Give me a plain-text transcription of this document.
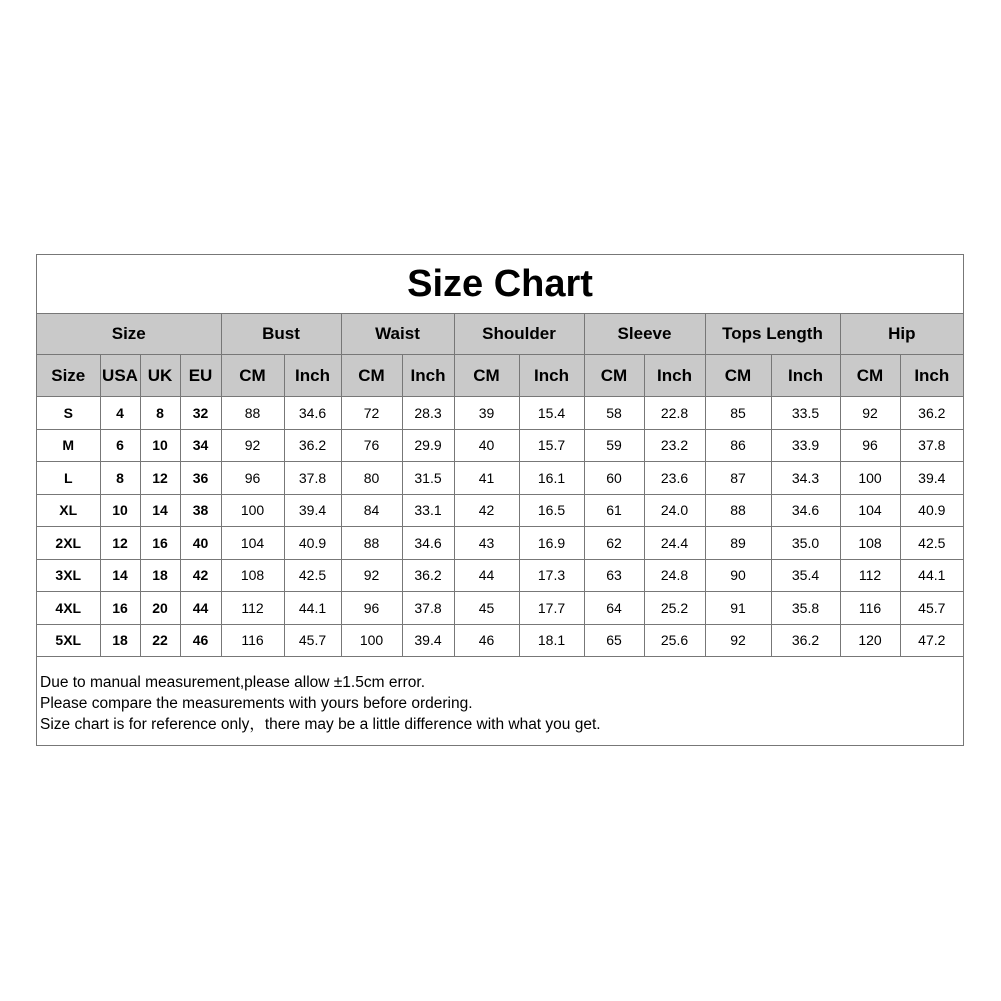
Size Chart															
Size				Bust		Waist		Shoulder		Sleeve		Tops Length		Hip	
Size	USA	UK	EU	CM	Inch	CM	Inch	CM	Inch	CM	Inch	CM	Inch	CM	Inch
S	4	8	32	88	34.6	72	28.3	39	15.4	58	22.8	85	33.5	92	36.2
M	6	10	34	92	36.2	76	29.9	40	15.7	59	23.2	86	33.9	96	37.8
L	8	12	36	96	37.8	80	31.5	41	16.1	60	23.6	87	34.3	100	39.4
XL	10	14	38	100	39.4	84	33.1	42	16.5	61	24.0	88	34.6	104	40.9
2XL	12	16	40	104	40.9	88	34.6	43	16.9	62	24.4	89	35.0	108	42.5
3XL	14	18	42	108	42.5	92	36.2	44	17.3	63	24.8	90	35.4	112	44.1
4XL	16	20	44	112	44.1	96	37.8	45	17.7	64	25.2	91	35.8	116	45.7
5XL	18	22	46	116	45.7	100	39.4	46	18.1	65	25.6	92	36.2	120	47.2
Due to manual measurement,please allow ±1.5cm error.
Please compare the measurements with yours before ordering.
Size chart is for reference only，there may be a little difference with what you get.
